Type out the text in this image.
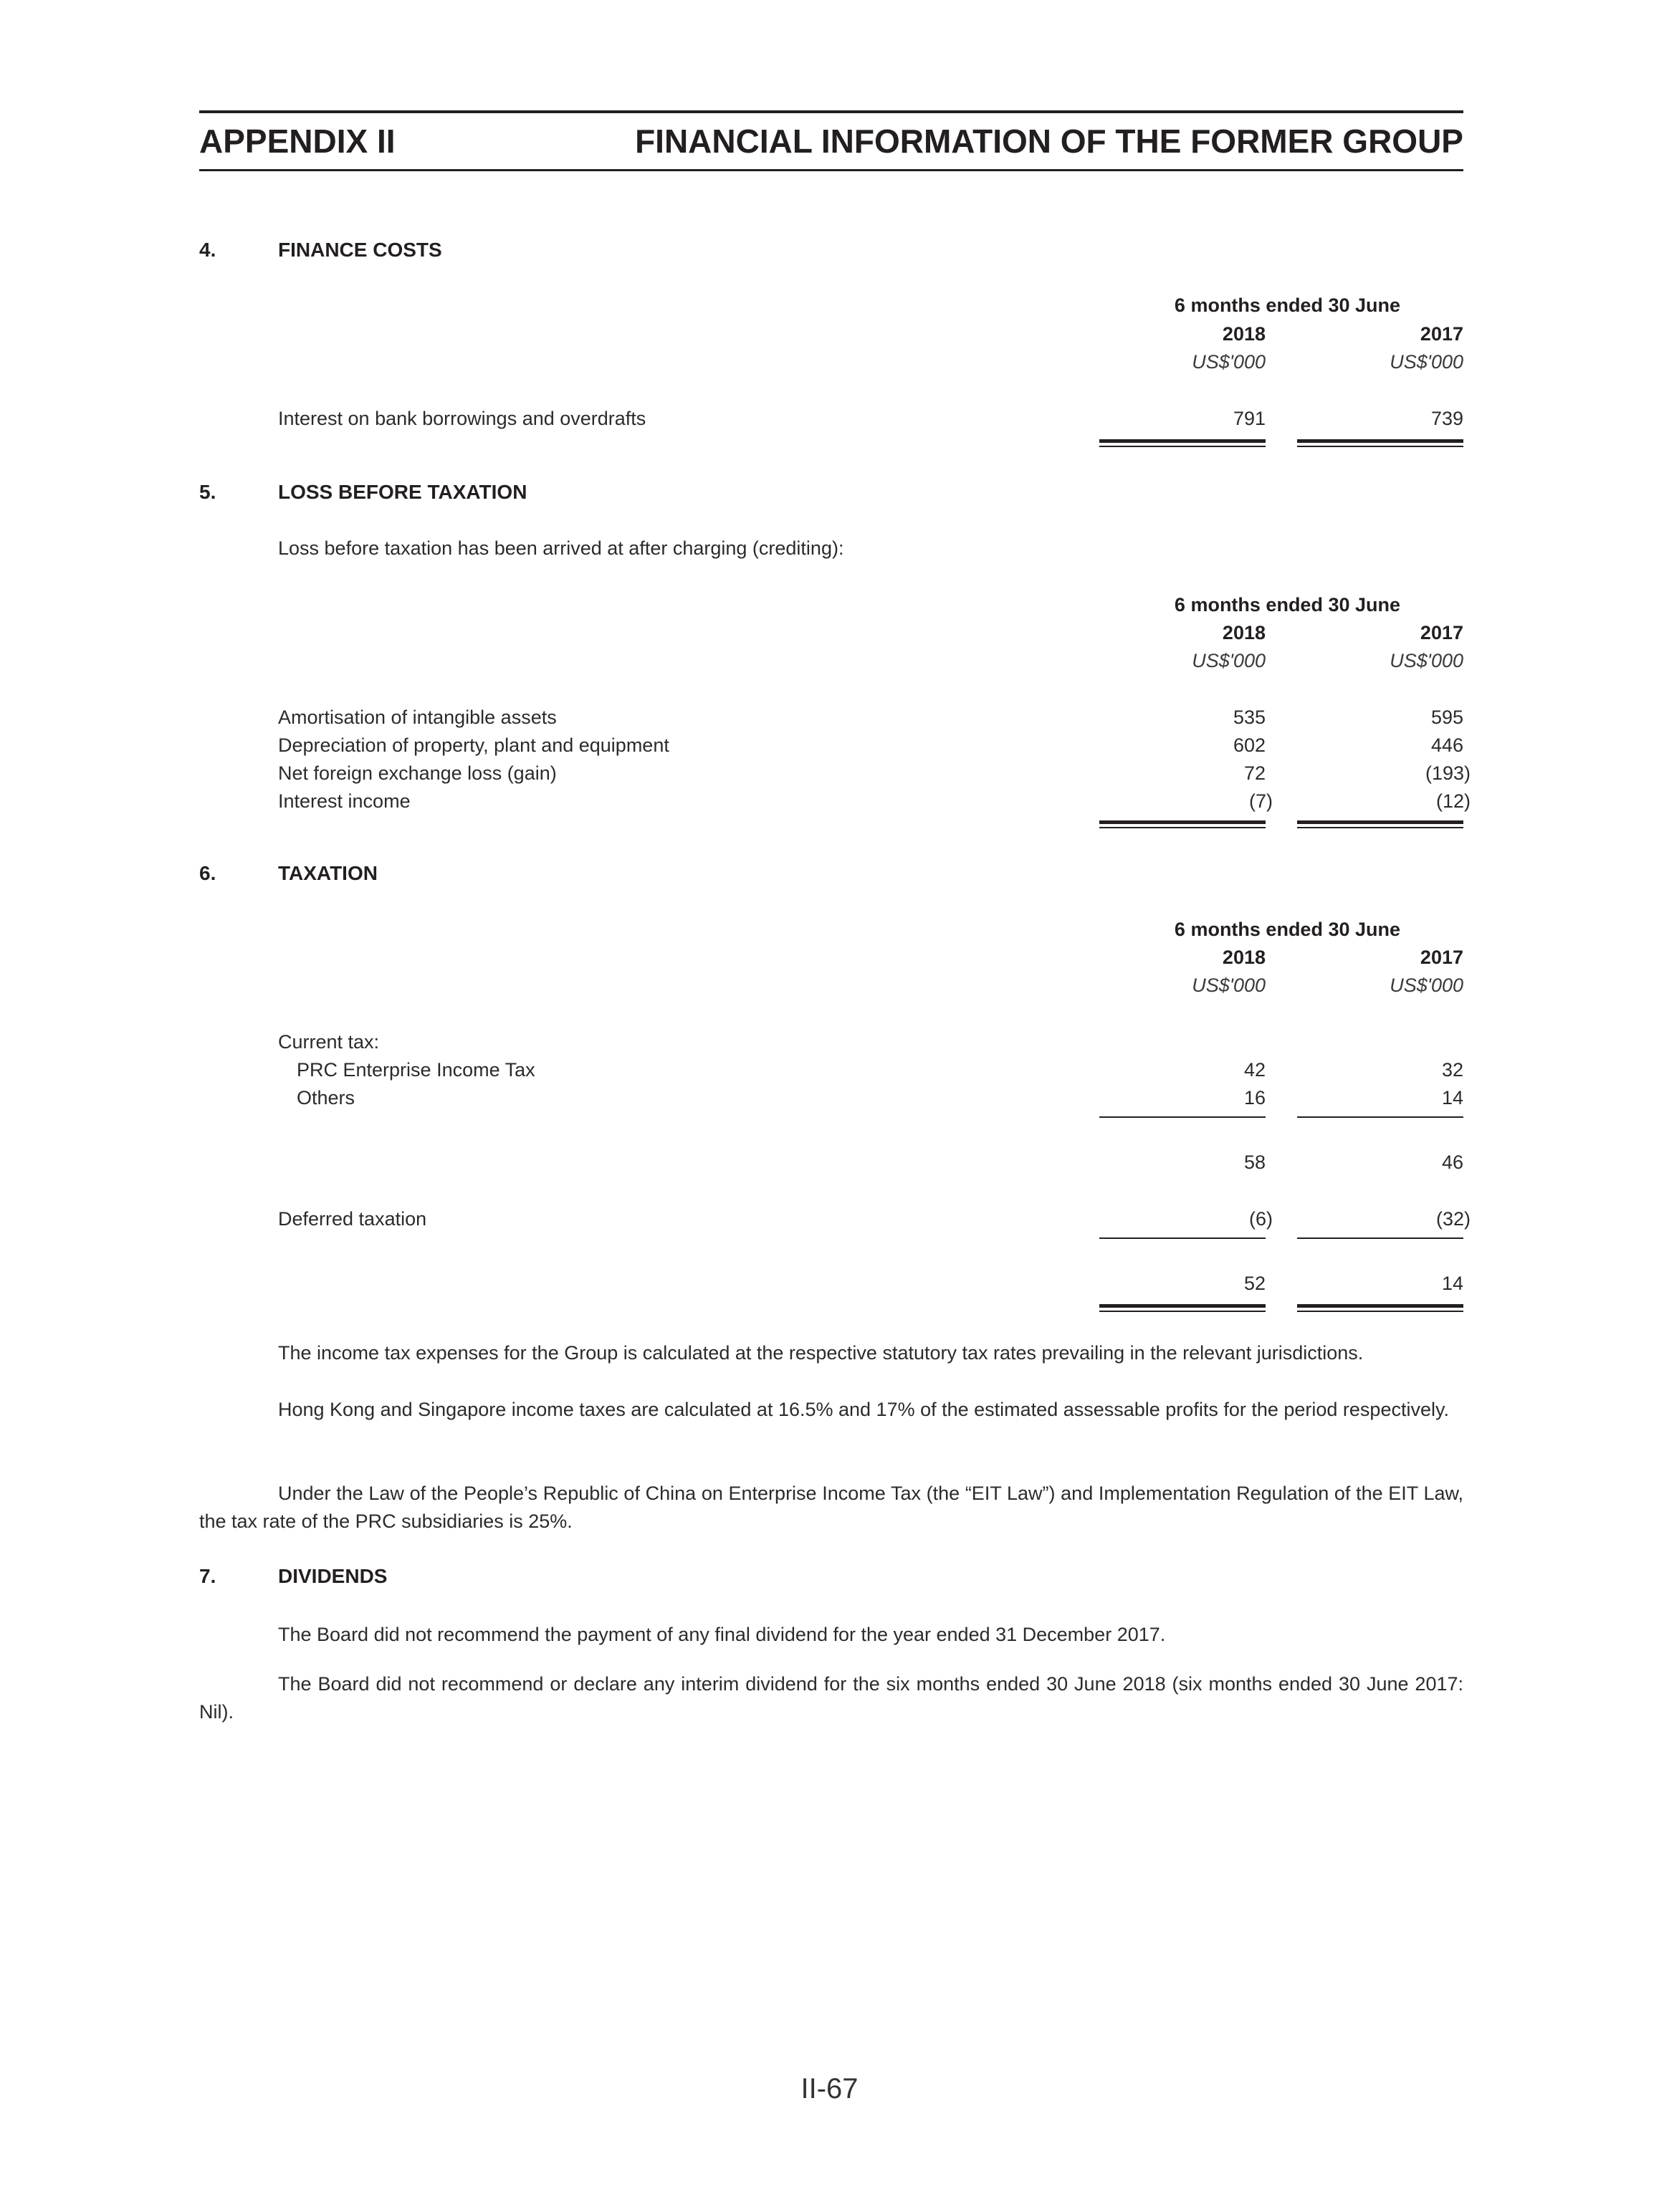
APPENDIX II	FINANCIAL INFORMATION OF THE FORMER GROUP
4.	FINANCE COSTS
6 months ended 30 June
2018	2017
US$'000	US$'000
Interest on bank borrowings and overdrafts	791	739
5.	LOSS BEFORE TAXATION
Loss before taxation has been arrived at after charging (crediting):
6 months ended 30 June
2018	2017
US$'000	US$'000
Amortisation of intangible assets	535	595
Depreciation of property, plant and equipment	602	446
Net foreign exchange loss (gain)	72	(193)
Interest income	(7)	(12)
6.	TAXATION
6 months ended 30 June
2018	2017
US$'000	US$'000
Current tax:
PRC Enterprise Income Tax	42	32
Others	16	14
58	46
Deferred taxation	(6)	(32)
52	14
The income tax expenses for the Group is calculated at the respective statutory tax rates prevailing in the relevant jurisdictions.
Hong Kong and Singapore income taxes are calculated at 16.5% and 17% of the estimated assessable profits for the period respectively.
Under the Law of the People’s Republic of China on Enterprise Income Tax (the “EIT Law”) and Implementation Regulation of the EIT Law, the tax rate of the PRC subsidiaries is 25%.
7.	DIVIDENDS
The Board did not recommend the payment of any final dividend for the year ended 31 December 2017.
The Board did not recommend or declare any interim dividend for the six months ended 30 June 2018 (six months ended 30 June 2017: Nil).
II-67
